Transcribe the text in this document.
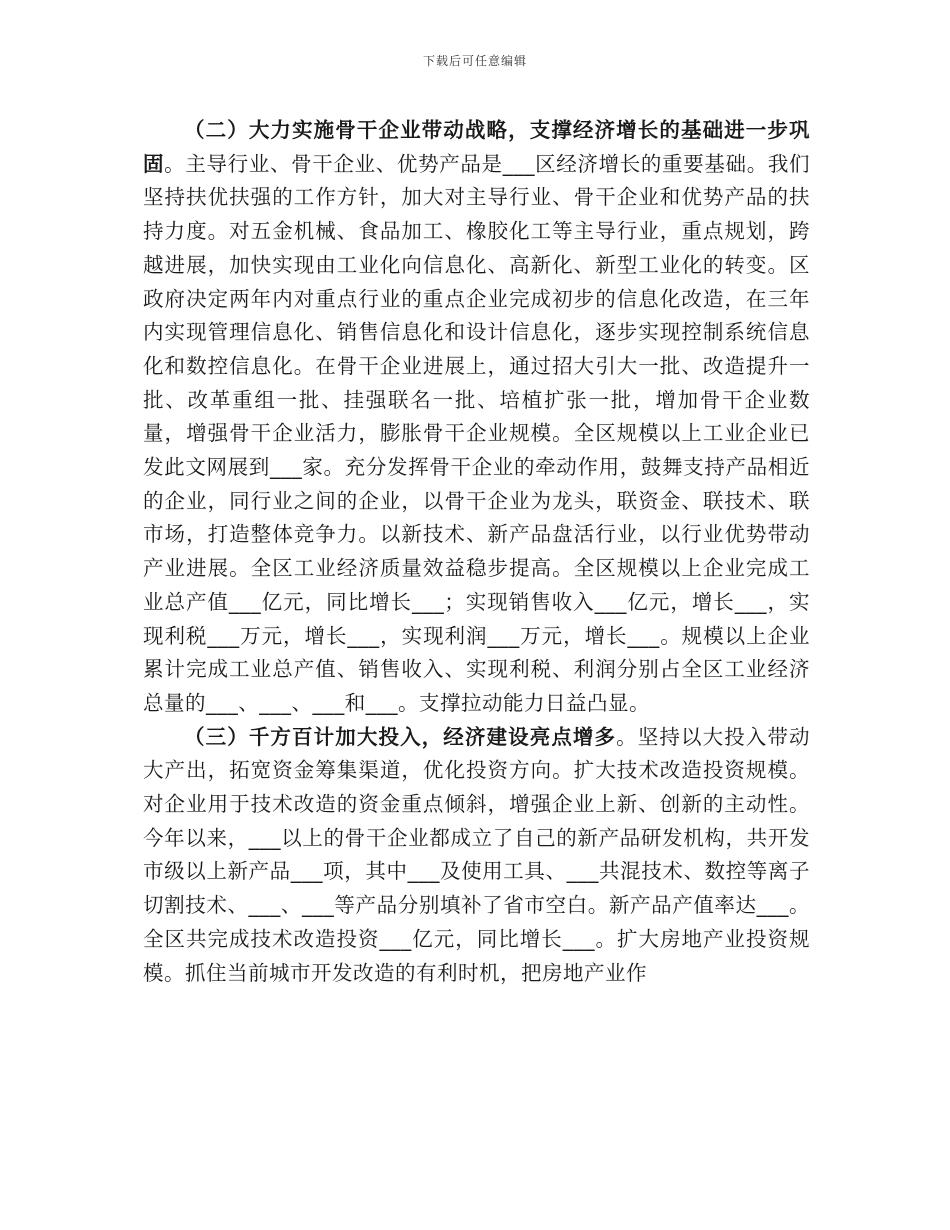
下载后可任意编辑

（二）大力实施骨干企业带动战略，支撑经济增长的基础进一步巩固。主导行业、骨干企业、优势产品是___区经济增长的重要基础。我们坚持扶优扶强的工作方针，加大对主导行业、骨干企业和优势产品的扶持力度。对五金机械、食品加工、橡胶化工等主导行业，重点规划，跨越进展，加快实现由工业化向信息化、高新化、新型工业化的转变。区政府决定两年内对重点行业的重点企业完成初步的信息化改造，在三年内实现管理信息化、销售信息化和设计信息化，逐步实现控制系统信息化和数控信息化。在骨干企业进展上，通过招大引大一批、改造提升一批、改革重组一批、挂强联名一批、培植扩张一批，增加骨干企业数量，增强骨干企业活力，膨胀骨干企业规模。全区规模以上工业企业已发此文网展到___家。充分发挥骨干企业的牵动作用，鼓舞支持产品相近的企业，同行业之间的企业，以骨干企业为龙头，联资金、联技术、联市场，打造整体竞争力。以新技术、新产品盘活行业，以行业优势带动产业进展。全区工业经济质量效益稳步提高。全区规模以上企业完成工业总产值___亿元，同比增长___；实现销售收入___亿元，增长___，实现利税___万元，增长___，实现利润___万元，增长___。规模以上企业累计完成工业总产值、销售收入、实现利税、利润分别占全区工业经济总量的___、___、___和___。支撑拉动能力日益凸显。

（三）千方百计加大投入，经济建设亮点增多。坚持以大投入带动大产出，拓宽资金筹集渠道，优化投资方向。扩大技术改造投资规模。对企业用于技术改造的资金重点倾斜，增强企业上新、创新的主动性。今年以来，___以上的骨干企业都成立了自己的新产品研发机构，共开发市级以上新产品___项，其中___及使用工具、___共混技术、数控等离子切割技术、___、___等产品分别填补了省市空白。新产品产值率达___。全区共完成技术改造投资___亿元，同比增长___。扩大房地产业投资规模。抓住当前城市开发改造的有利时机，把房地产业作
